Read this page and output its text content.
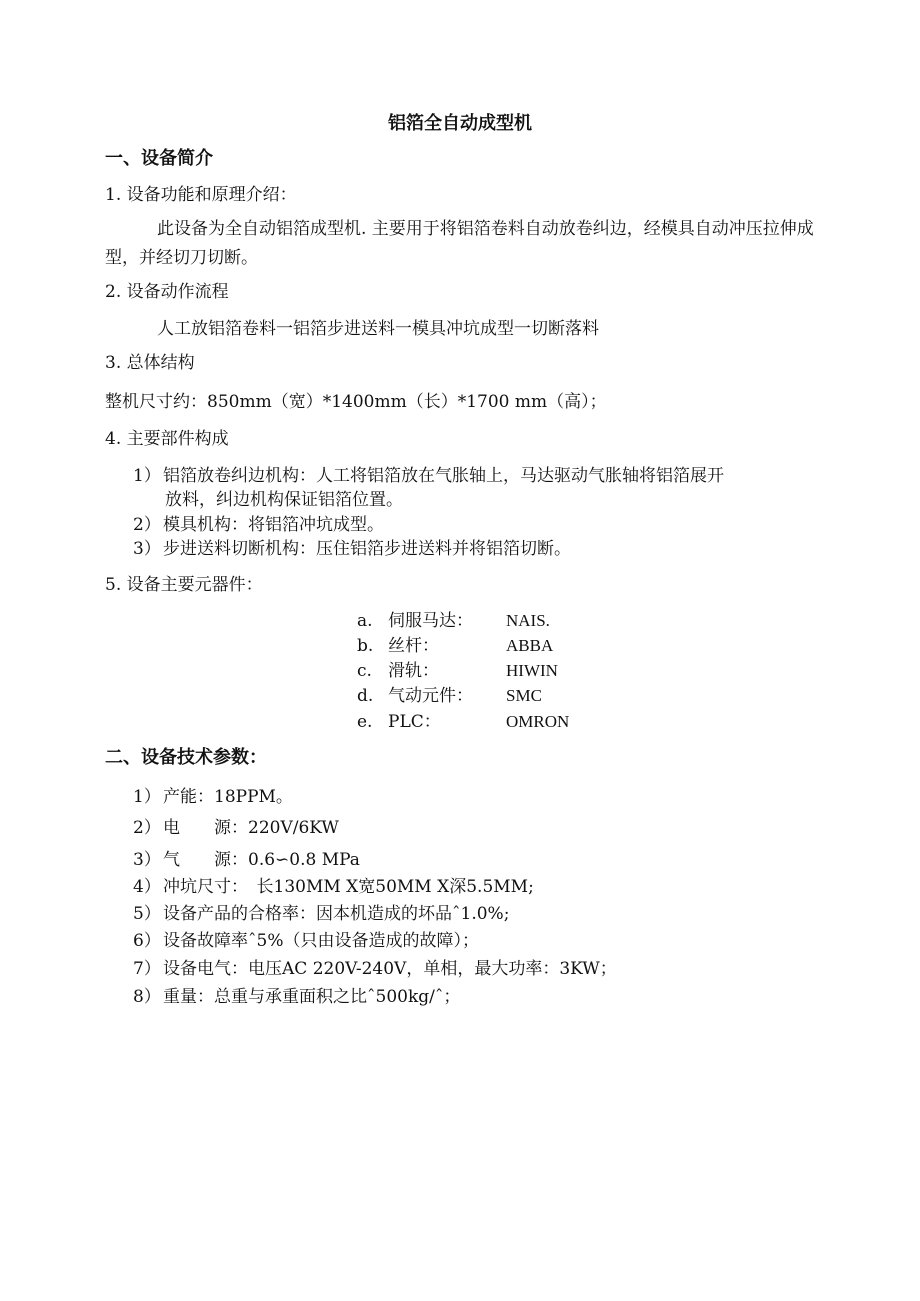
铝箔全自动成型机
一、设备简介
1. 设备功能和原理介绍：
此设备为全自动铝箔成型机. 主要用于将铝箔卷料自动放卷纠边，经模具自动冲压拉伸成型，并经切刀切断。
2. 设备动作流程
人工放铝箔卷料一铝箔步进送料一模具冲坑成型一切断落料
3. 总体结构
整机尺寸约：850mm（宽）*1400mm（长）*1700 mm（高）；
4. 主要部件构成
1） 铝箔放卷纠边机构：人工将铝箔放在气胀轴上，马达驱动气胀轴将铝箔展开
放料，纠边机构保证铝箔位置。
2） 模具机构：将铝箔冲坑成型。
3） 步进送料切断机构：压住铝箔步进送料并将铝箔切断。
5. 设备主要元器件：
a. 伺服马达： NAIS.
b. 丝杆：	ABBA
c. 滑轨：	HIWIN
d. 气动元件： SMC
e. PLC：	OMRON
二、设备技术参数：
1） 产能：18PPM。
2） 电　　源：220V/6KW
3） 气　　源：0.6∽0.8 MPa
4） 冲坑尺寸：　长130MM X宽50MM X深5.5MM;
5） 设备产品的合格率：因本机造成的坏品ˆ1.0%;
6） 设备故障率ˆ5%（只由设备造成的故障）；
7） 设备电气：电压AC 220V-240V，单相，最大功率：3KW；
8） 重量：总重与承重面积之比ˆ500kg/ˆ；
